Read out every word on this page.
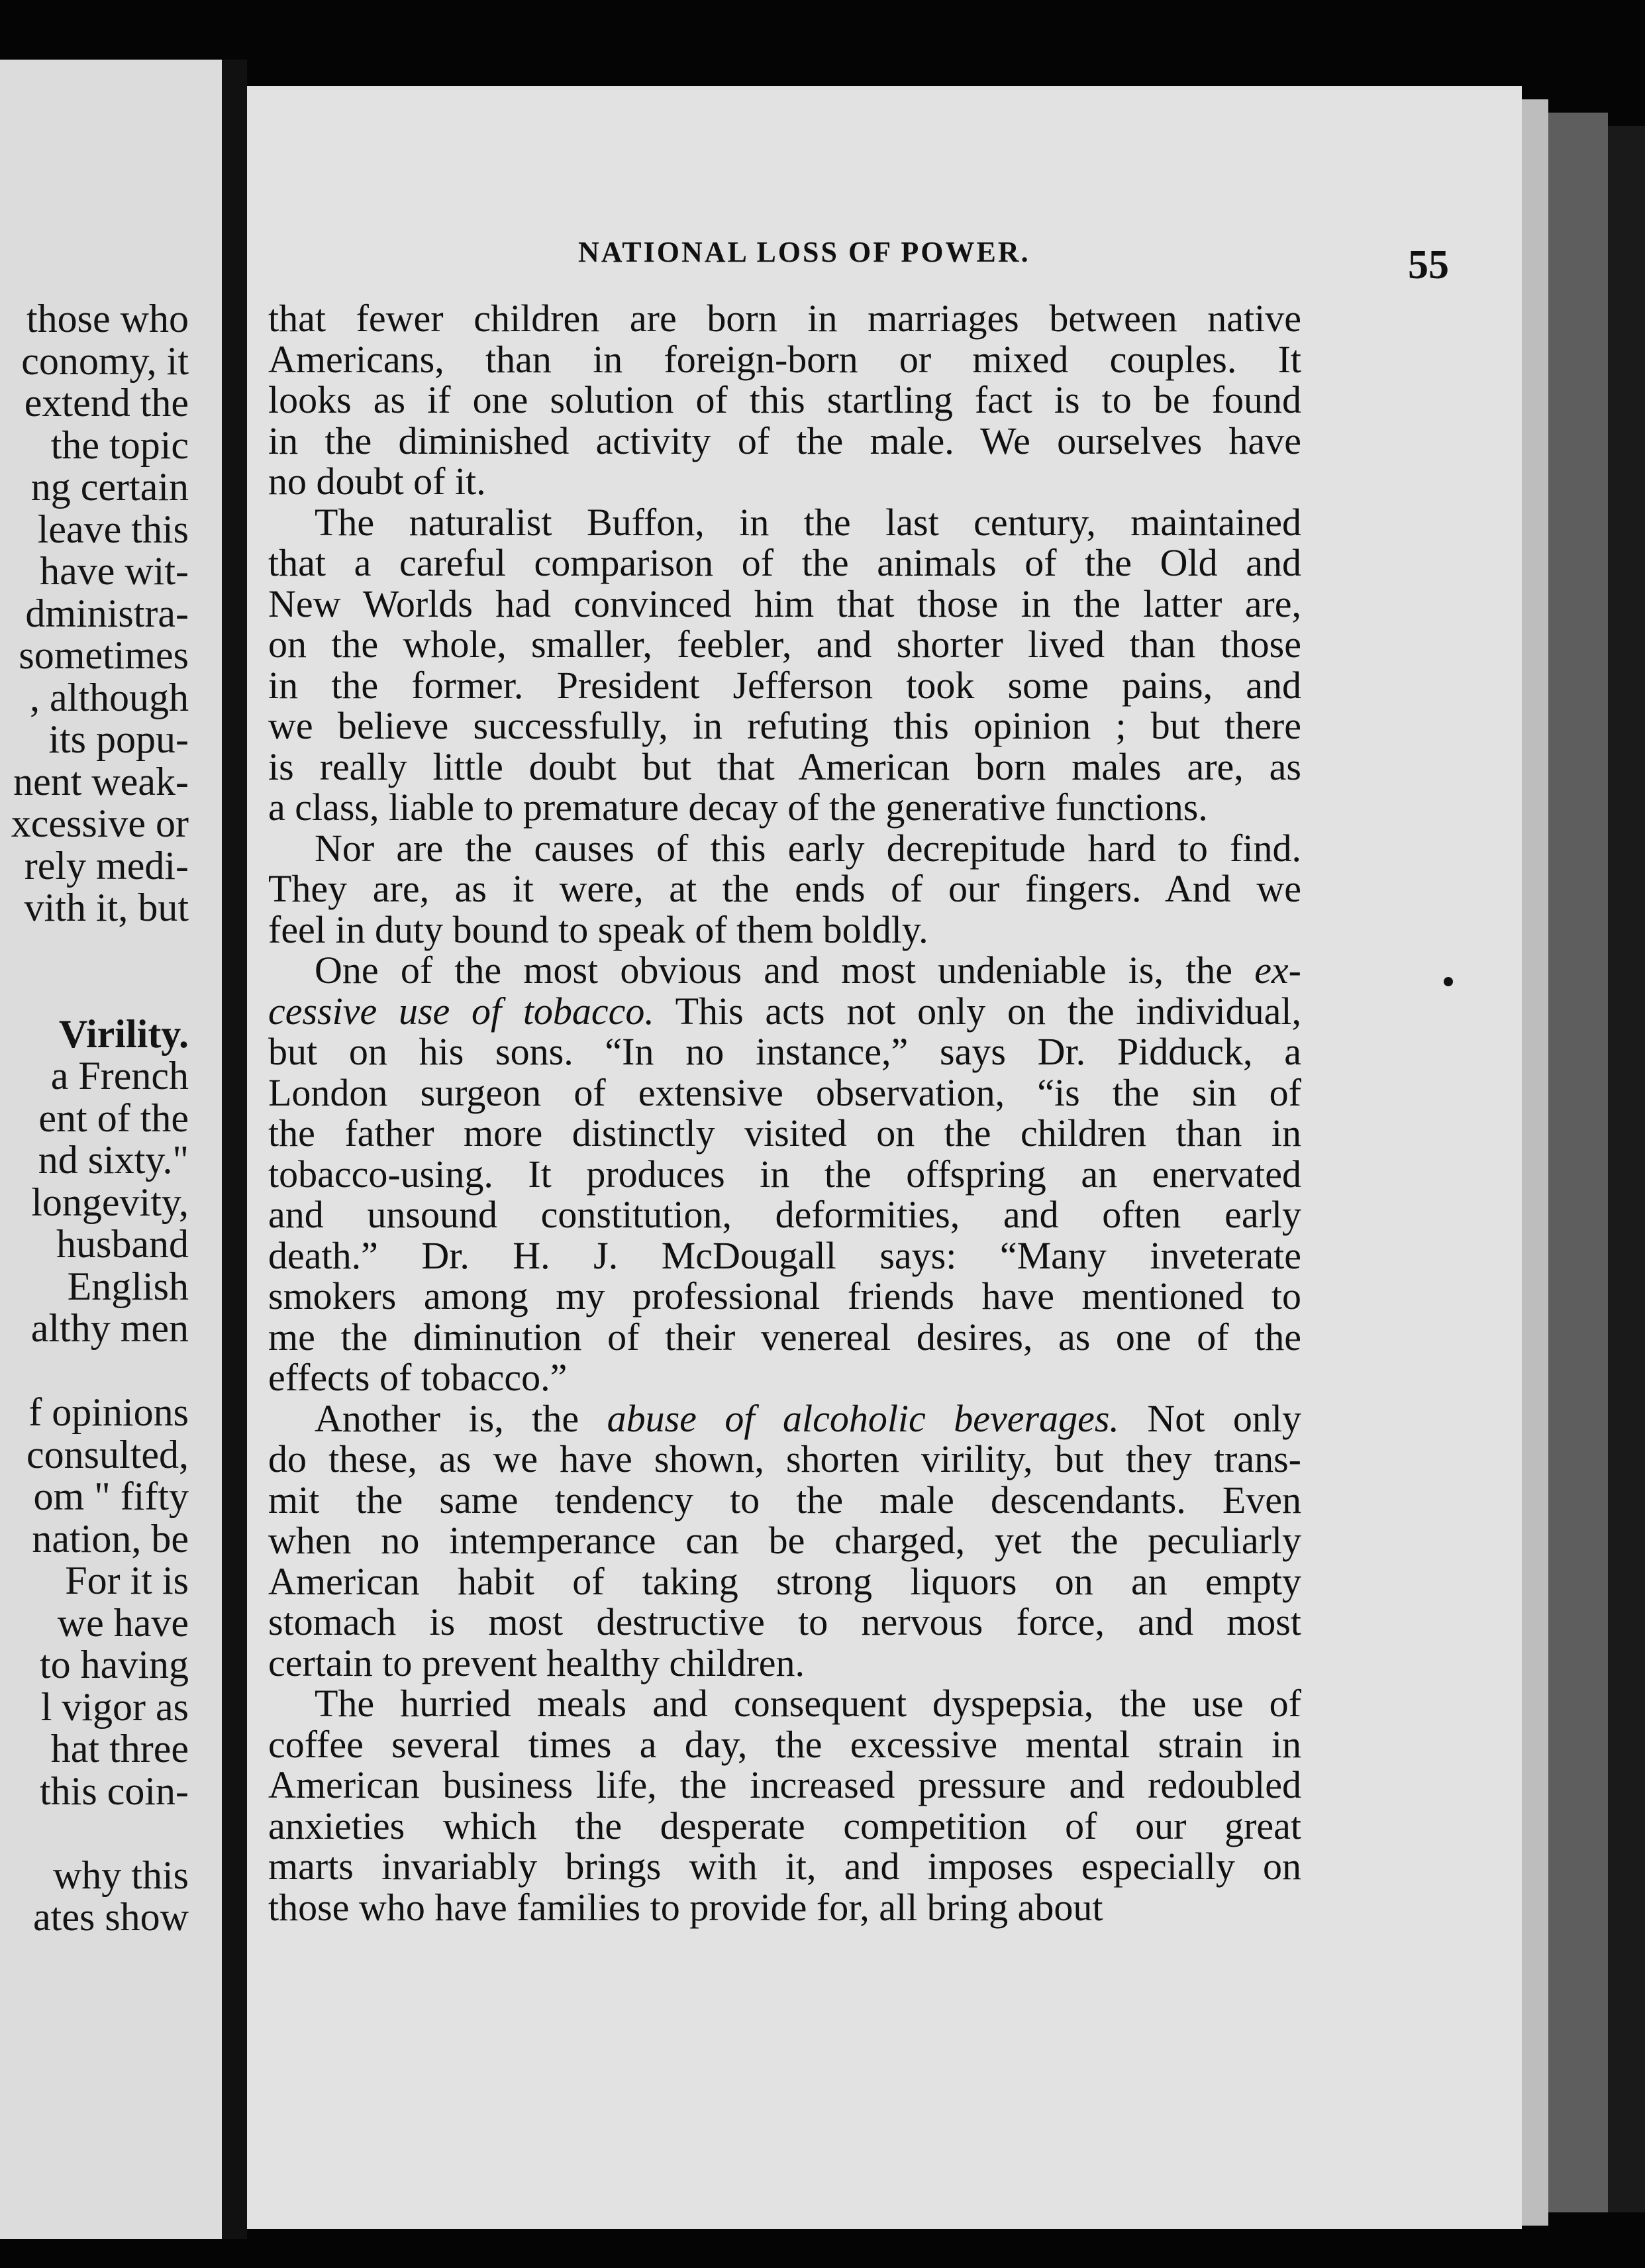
those who
conomy, it
extend the
the topic
ng certain
leave this
have wit-
dministra-
sometimes
, although
its popu-
nent weak-
xcessive or
rely medi-
vith it, but
Virility.
a French
ent of the
nd sixty."
longevity,
husband
English
althy men
f opinions
consulted,
om " fifty
nation, be
For it is
we have
to having
l vigor as
hat three
this coin-
why this
ates show
NATIONAL LOSS OF POWER.	55
that fewer children are born in marriages between native
Americans, than in foreign-born or mixed couples. It
looks as if one solution of this startling fact is to be found
in the diminished activity of the male. We ourselves have
no doubt of it.
The naturalist Buffon, in the last century, maintained
that a careful comparison of the animals of the Old and
New Worlds had convinced him that those in the latter are,
on the whole, smaller, feebler, and shorter lived than those
in the former. President Jefferson took some pains, and
we believe successfully, in refuting this opinion ; but there
is really little doubt but that American born males are, as
a class, liable to premature decay of the generative functions.
Nor are the causes of this early decrepitude hard to find.
They are, as it were, at the ends of our fingers. And we
feel in duty bound to speak of them boldly.
One of the most obvious and most undeniable is, the ex-
cessive use of tobacco. This acts not only on the individual,
but on his sons. “In no instance,” says Dr. Pidduck, a
London surgeon of extensive observation, “is the sin of
the father more distinctly visited on the children than in
tobacco-using. It produces in the offspring an enervated
and unsound constitution, deformities, and often early
death.” Dr. H. J. McDougall says: “Many inveterate
smokers among my professional friends have mentioned to
me the diminution of their venereal desires, as one of the
effects of tobacco.”
Another is, the abuse of alcoholic beverages. Not only
do these, as we have shown, shorten virility, but they trans-
mit the same tendency to the male descendants. Even
when no intemperance can be charged, yet the peculiarly
American habit of taking strong liquors on an empty
stomach is most destructive to nervous force, and most
certain to prevent healthy children.
The hurried meals and consequent dyspepsia, the use of
coffee several times a day, the excessive mental strain in
American business life, the increased pressure and redoubled
anxieties which the desperate competition of our great
marts invariably brings with it, and imposes especially on
those who have families to provide for, all bring about
